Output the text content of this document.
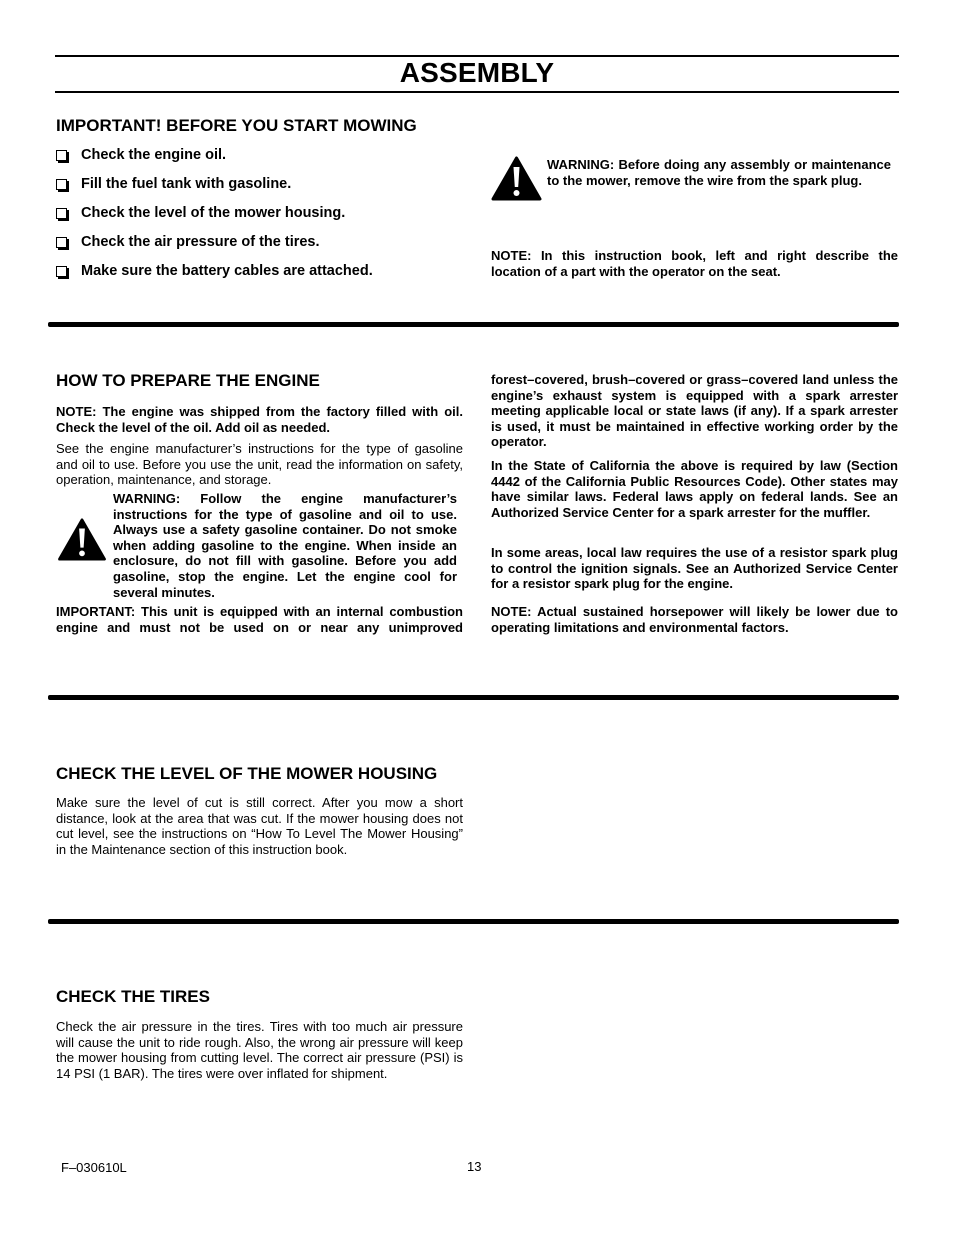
ASSEMBLY
IMPORTANT! BEFORE YOU START MOWING
Check the engine oil.
Fill the fuel tank with gasoline.
Check the level of the mower housing.
Check the air pressure of the tires.
Make sure the battery cables are attached.
WARNING: Before doing any assembly or maintenance to the mower, remove the wire from the spark plug.
NOTE: In this instruction book, left and right describe the location of a part with the operator on the seat.
HOW TO PREPARE THE ENGINE
NOTE: The engine was shipped from the factory filled with oil. Check the level of the oil. Add oil as needed.
See the engine manufacturer’s instructions for the type of gasoline and oil to use. Before you use the unit, read the information on safety, operation, maintenance, and storage.
WARNING: Follow the engine manufacturer’s instructions for the type of gasoline and oil to use. Always use a safety gasoline container. Do not smoke when adding gasoline to the engine. When inside an enclosure, do not fill with gasoline. Before you add gasoline, stop the engine. Let the engine cool for several minutes.
IMPORTANT: This unit is equipped with an internal combustion engine and must not be used on or near any unimproved
forest–covered, brush–covered or grass–covered land unless the engine’s exhaust system is equipped with a spark arrester meeting applicable local or state laws (if any). If a spark arrester is used, it must be maintained in effective working order by the operator.
In the State of California the above is required by law (Section 4442 of the California Public Resources Code). Other states may have similar laws. Federal laws apply on federal lands. See an Authorized Service Center for a spark arrester for the muffler.
In some areas, local law requires the use of a resistor spark plug to control the ignition signals. See an Authorized Service Center for a resistor spark plug for the engine.
NOTE: Actual sustained horsepower will likely be lower due to operating limitations and environmental factors.
CHECK THE LEVEL OF THE MOWER HOUSING
Make sure the level of cut is still correct. After you mow a short distance, look at the area that was cut. If the mower housing does not cut level, see the instructions on “How To Level The Mower Housing” in the Maintenance section of this instruction book.
CHECK THE TIRES
Check the air pressure in the tires. Tires with too much air pressure will cause the unit to ride rough. Also, the wrong air pressure will keep the mower housing from cutting level. The correct air pressure (PSI) is 14 PSI (1 BAR). The tires were over inflated for shipment.
F–030610L	13
